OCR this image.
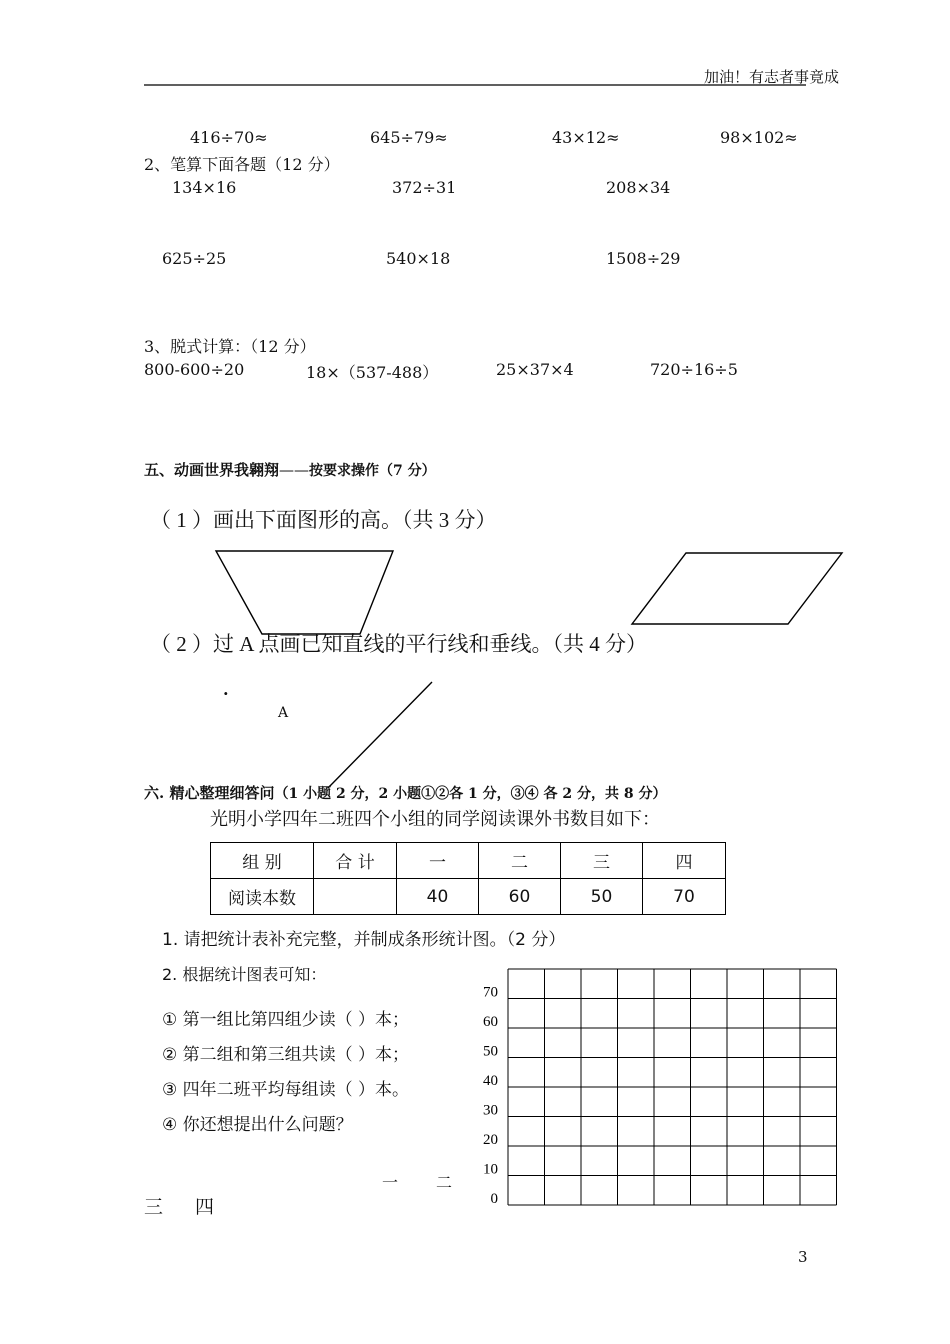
加油！有志者事竟成
416÷70≈	645÷79≈	43×12≈	98×102≈
2、笔算下面各题（12 分）
134×16	372÷31	208×34
625÷25	540×18	1508÷29
3、脱式计算：（12 分）
800-600÷20	18×（537-488）	25×37×4	720÷16÷5
五、动画世界我翱翔——按要求操作（7 分）
（ 1 ）画出下面图形的高。（共 3 分）
（ 2 ）过 A 点画已知直线的平行线和垂线。（共 4 分）
.
A
六. 精心整理细答问（1 小题 2 分，2 小题①②各 1 分，③④ 各 2 分，共 8 分）
光明小学四年二班四个小组的同学阅读课外书数目如下：
组 别	合 计	一	二	三	四
阅读本数		40	60	50	70
1. 请把统计表补充完整，并制成条形统计图。（2 分）
2. 根据统计图表可知：
① 第一组比第四组少读（ ）本；
② 第二组和第三组共读（ ）本；
③ 四年二班平均每组读（ ）本。
④ 你还想提出什么问题？
一 二
三 四
70
60
50
40
30
20
10
0
3
